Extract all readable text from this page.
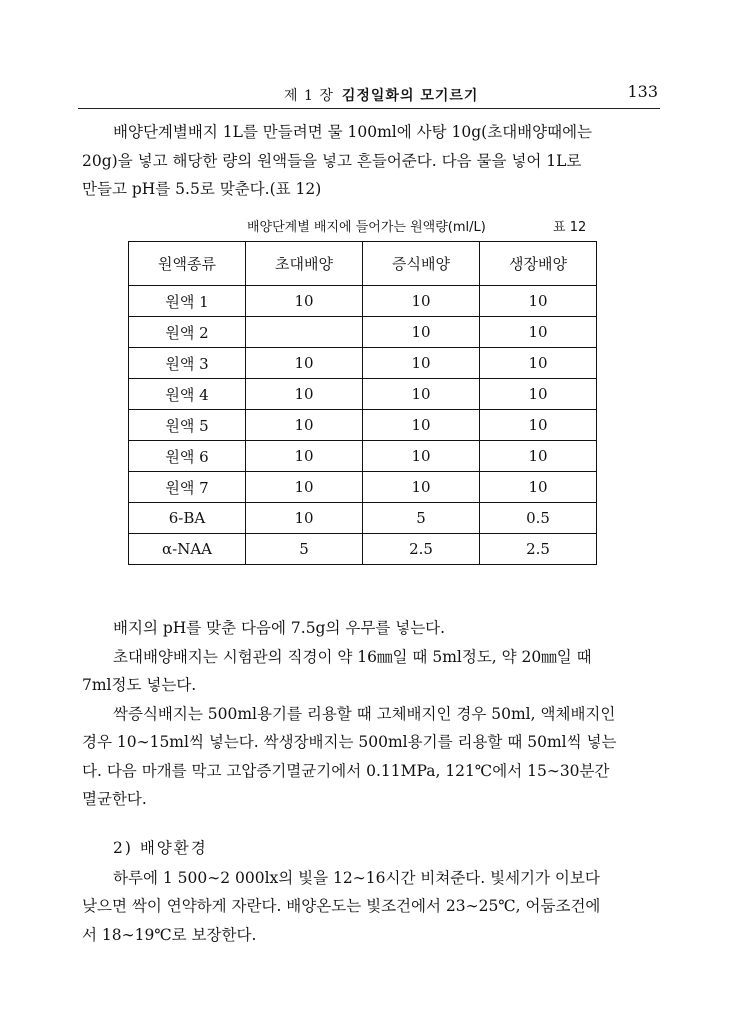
제 1 장 김정일화의 모기르기	133
배양단계별배지 1L를 만들려면 물 100ml에 사탕 10g(초대배양때에는
20g)을 넣고 해당한 량의 원액들을 넣고 흔들어준다. 다음 물을 넣어 1L로
만들고 pH를 5.5로 맞춘다.(표 12)
배양단계별 배지에 들어가는 원액량(ml/L)	표 12
원액종류	초대배양	증식배양	생장배양
원액 1	10	10	10
원액 2		10	10
원액 3	10	10	10
원액 4	10	10	10
원액 5	10	10	10
원액 6	10	10	10
원액 7	10	10	10
6-BA	10	5	0.5
α-NAA	5	2.5	2.5
배지의 pH를 맞춘 다음에 7.5g의 우무를 넣는다.
초대배양배지는 시험관의 직경이 약 16㎜일 때 5ml정도, 약 20㎜일 때
7ml정도 넣는다.
싹증식배지는 500ml용기를 리용할 때 고체배지인 경우 50ml, 액체배지인
경우 10∼15ml씩 넣는다. 싹생장배지는 500ml용기를 리용할 때 50ml씩 넣는
다. 다음 마개를 막고 고압증기멸균기에서 0.11MPa, 121℃에서 15∼30분간
멸균한다.
2) 배양환경
하루에 1 500∼2 000lx의 빛을 12∼16시간 비쳐준다. 빛세기가 이보다
낮으면 싹이 연약하게 자란다. 배양온도는 빛조건에서 23∼25℃, 어둠조건에
서 18∼19℃로 보장한다.
